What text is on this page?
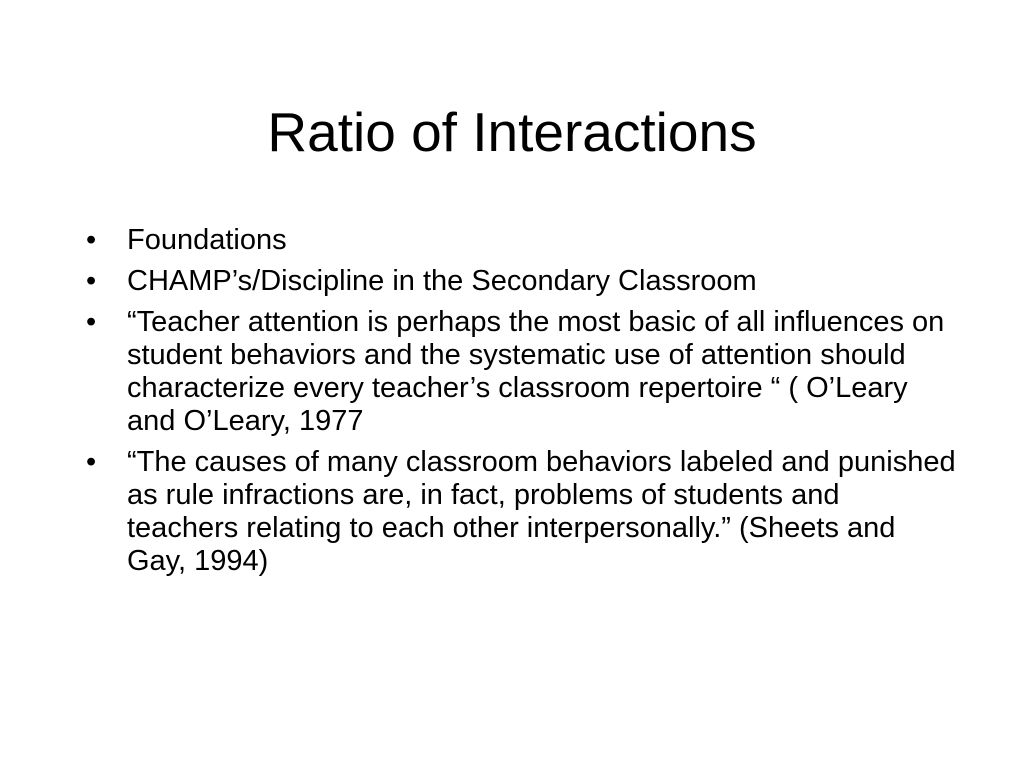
Ratio of Interactions
•	Foundations
•	CHAMP’s/Discipline in the Secondary Classroom
•	“Teacher attention is perhaps the most basic of all influences on student behaviors and the systematic use of attention should characterize every teacher’s classroom repertoire “ ( O’Leary and O’Leary, 1977
•	“The causes of many classroom behaviors labeled and punished as rule infractions are, in fact, problems of students and teachers relating to each other interpersonally.” (Sheets and Gay, 1994)
